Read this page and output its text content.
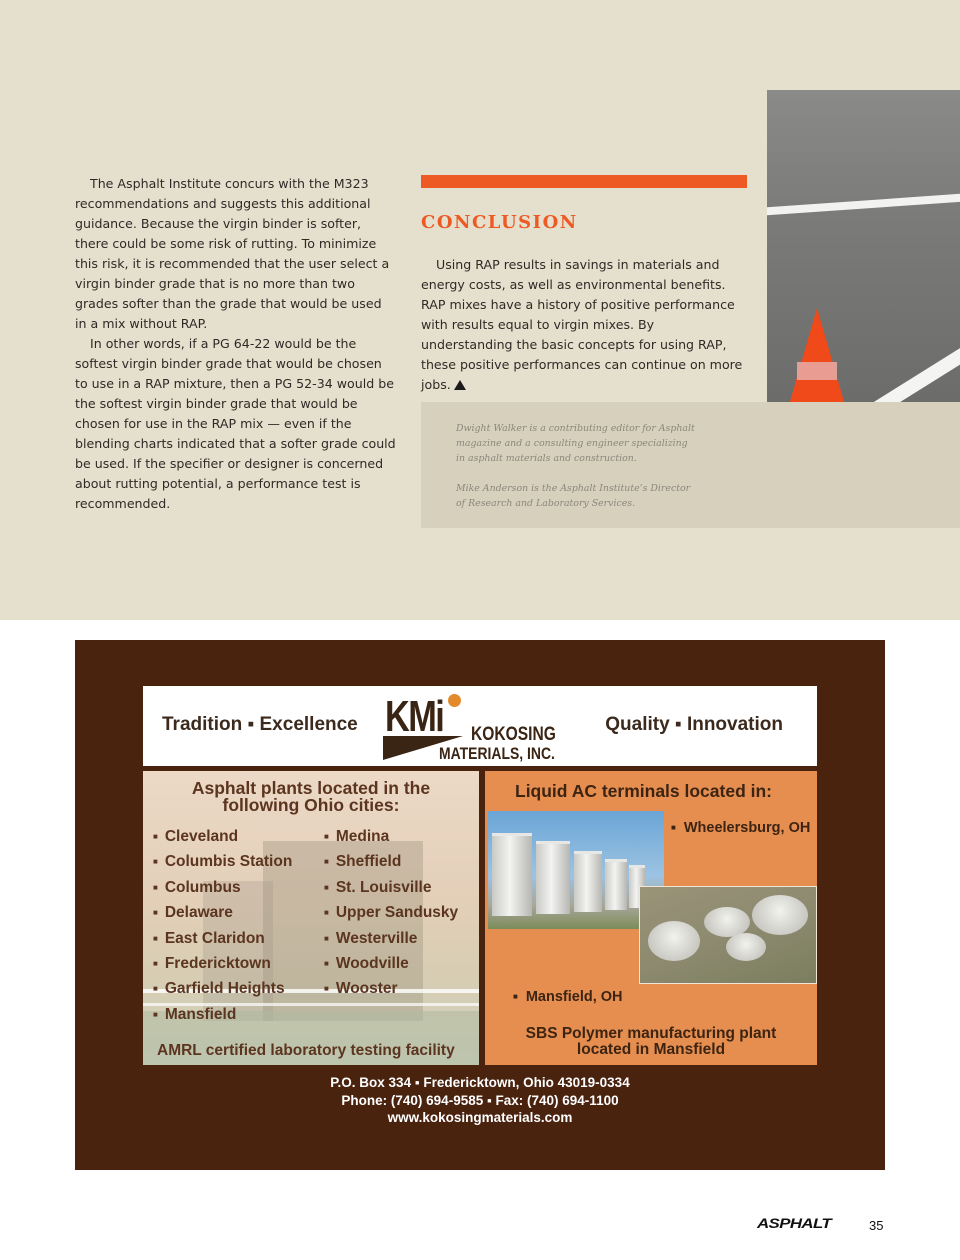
The Asphalt Institute concurs with the M323 recommendations and suggests this additional guidance. Because the virgin binder is softer, there could be some risk of rutting. To minimize this risk, it is recommended that the user select a virgin binder grade that is no more than two grades softer than the grade that would be used in a mix without RAP.

In other words, if a PG 64-22 would be the softest virgin binder grade that would be chosen to use in a RAP mixture, then a PG 52-34 would be the softest virgin binder grade that would be chosen for use in the RAP mix — even if the blending charts indicated that a softer grade could be used. If the specifier or designer is concerned about rutting potential, a performance test is recommended.

CONCLUSION

Using RAP results in savings in materials and energy costs, as well as environmental benefits. RAP mixes have a history of positive performance with results equal to virgin mixes. By understanding the basic concepts for using RAP, these positive performances can continue on more jobs.

Dwight Walker is a contributing editor for Asphalt magazine and a consulting engineer specializing in asphalt materials and construction.
Mike Anderson is the Asphalt Institute’s Director of Research and Laboratory Services.
Tradition ▪ Excellence KMi KOKOSING
MATERIALS, INC.
Quality ▪ Innovation
Asphalt plants located in the
following Ohio cities:
■ Cleveland
■ Columbis Station
■ Columbus
■ Delaware
■ East Claridon
■ Fredericktown
■ Garfield Heights
■ Mansfield
■ Medina
■ Sheffield
■ St. Louisville
■ Upper Sandusky
■ Westerville
■ Woodville
■ Wooster
AMRL certified laboratory testing facility
Liquid AC terminals located in:
■ Wheelersburg, OH
■ Mansfield, OH
SBS Polymer manufacturing plant
located in Mansfield
P.O. Box 334 ▪ Fredericktown, Ohio 43019-0334
Phone: (740) 694-9585 ▪ Fax: (740) 694-1100
www.kokosingmaterials.com
ASPHALT	35
